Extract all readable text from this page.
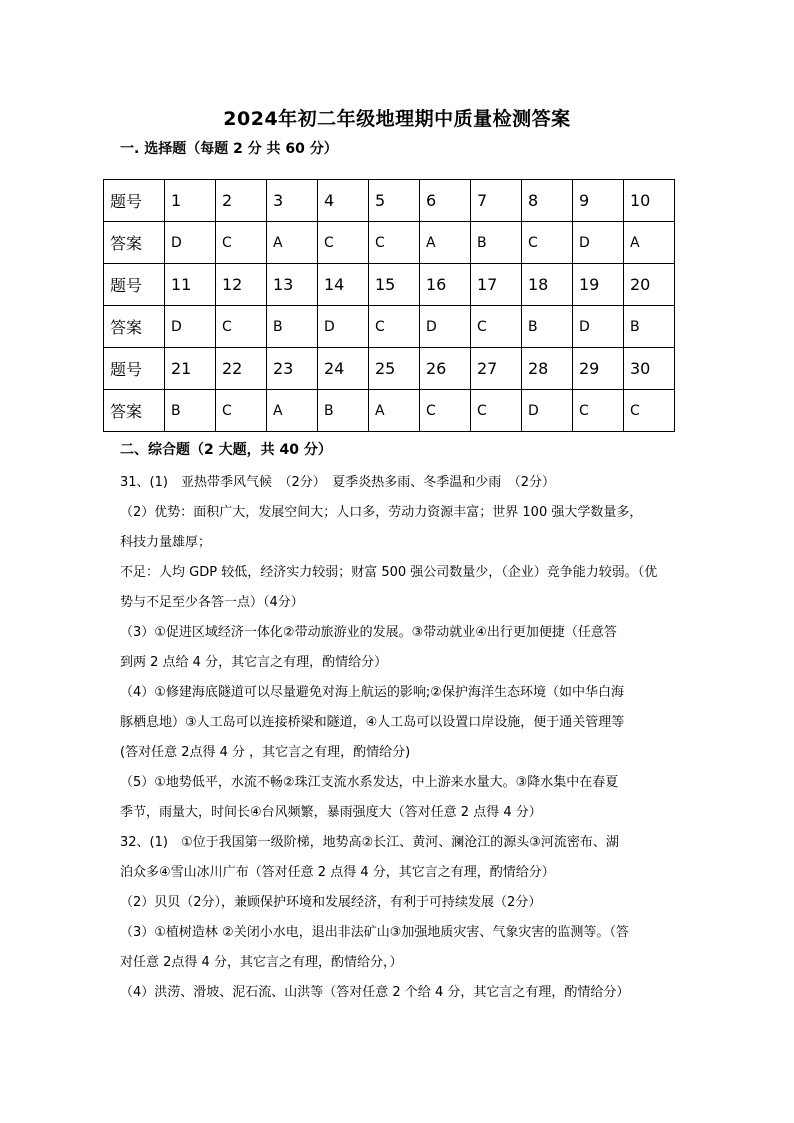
2024年初二年级地理期中质量检测答案
一. 选择题（每题 2 分 共 60 分）
题号	1	2	3	4	5	6	7	8	9	10
答案	D	C	A	C	C	A	B	C	D	A
题号	11	12	13	14	15	16	17	18	19	20
答案	D	C	B	D	C	D	C	B	D	B
题号	21	22	23	24	25	26	27	28	29	30
答案	B	C	A	B	A	C	C	D	C	C
二、综合题（2 大题，共 40 分）

31、(1)　亚热带季风气候　（2分）　夏季炎热多雨、冬季温和少雨　（2分）

（2）优势：面积广大，发展空间大；人口多，劳动力资源丰富；世界 100 强大学数量多，

科技力量雄厚；

不足：人均 GDP 较低，经济实力较弱；财富 500 强公司数量少，（企业）竞争能力较弱。（优

势与不足至少各答一点）（4分）

（3）①促进区域经济一体化②带动旅游业的发展。③带动就业④出行更加便捷（任意答

到两 2 点给 4 分，其它言之有理，酌情给分）

（4）①修建海底隧道可以尽量避免对海上航运的影响;②保护海洋生态环境（如中华白海

豚栖息地）③人工岛可以连接桥梁和隧道，④人工岛可以设置口岸设施，便于通关管理等

(答对任意 2点得 4 分 ，其它言之有理，酌情给分)

（5）①地势低平，水流不畅②珠江支流水系发达，中上游来水量大。③降水集中在春夏

季节，雨量大，时间长④台风频繁，暴雨强度大（答对任意 2 点得 4 分）

32、(1)　①位于我国第一级阶梯，地势高②长江、黄河、澜沧江的源头③河流密布、湖

泊众多④雪山冰川广布（答对任意 2 点得 4 分，其它言之有理，酌情给分）

（2）贝贝（2分），兼顾保护环境和发展经济，有利于可持续发展（2分）

（3）①植树造林 ②关闭小水电，退出非法矿山③加强地质灾害、气象灾害的监测等。（答

对任意 2点得 4 分，其它言之有理，酌情给分，）

（4）洪涝、滑坡、泥石流、山洪等（答对任意 2 个给 4 分，其它言之有理，酌情给分）
